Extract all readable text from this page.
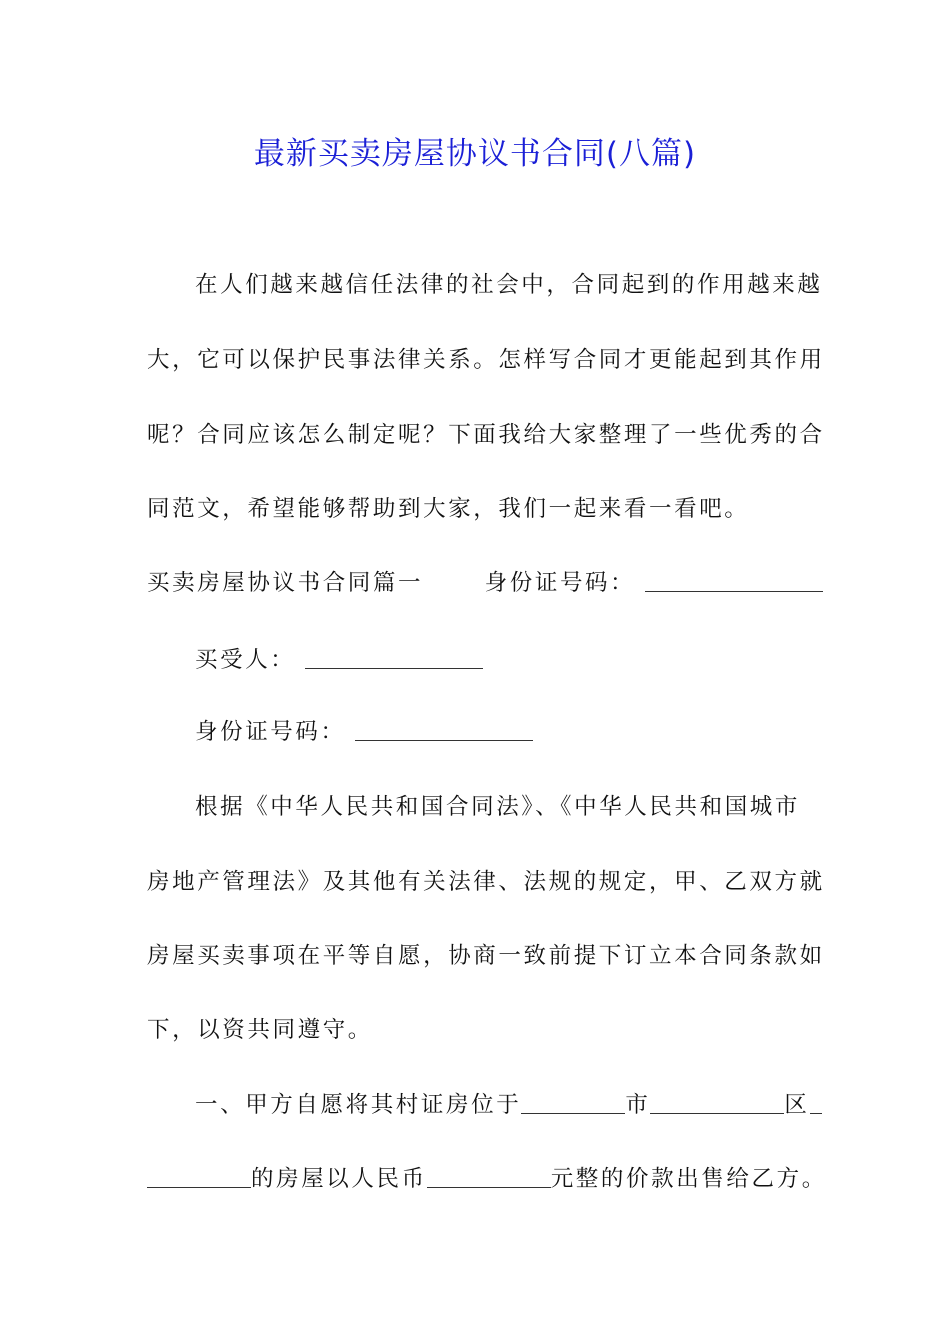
最新买卖房屋协议书合同(八篇)
在人们越来越信任法律的社会中，合同起到的作用越来越
大，它可以保护民事法律关系。怎样写合同才更能起到其作用
呢？合同应该怎么制定呢？下面我给大家整理了一些优秀的合
同范文，希望能够帮助到大家，我们一起来看一看吧。
买卖房屋协议书合同篇一	身份证号码：
买受人：
身份证号码：
根据《中华人民共和国合同法》、《中华人民共和国城市
房地产管理法》及其他有关法律、法规的规定，甲、乙双方就
房屋买卖事项在平等自愿，协商一致前提下订立本合同条款如
下，以资共同遵守。
一、甲方自愿将其村证房位于	市	区
的房屋以人民币	元整的价款出售给乙方。
